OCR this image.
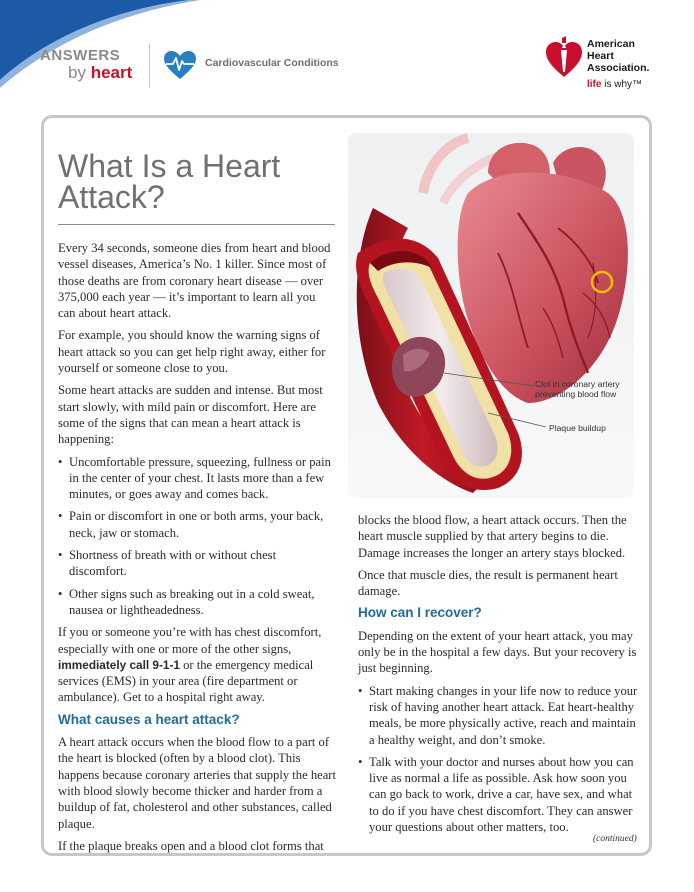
ANSWERS
by heart	Cardiovascular Conditions
American
Heart
Association.
life is why™
What Is a Heart Attack?
Clot in coronary artery preventing blood flow
Plaque buildup

Every 34 seconds, someone dies from heart and blood vessel diseases, America’s No. 1 killer. Since most of those deaths are from coronary heart disease — over 375,000 each year — it’s important to learn all you can about heart attack.

For example, you should know the warning signs of heart attack so you can get help right away, either for yourself or someone close to you.

Some heart attacks are sudden and intense. But most start slowly, with mild pain or discomfort. Here are some of the signs that can mean a heart attack is happening:

• Uncomfortable pressure, squeezing, fullness or pain in the center of your chest. It lasts more than a few minutes, or goes away and comes back.
• Pain or discomfort in one or both arms, your back, neck, jaw or stomach.
• Shortness of breath with or without chest discomfort.
• Other signs such as breaking out in a cold sweat, nausea or lightheadedness.

If you or someone you’re with has chest discomfort, especially with one or more of the other signs, immediately call 9-1-1 or the emergency medical services (EMS) in your area (fire department or ambulance). Get to a hospital right away.

What causes a heart attack?

A heart attack occurs when the blood flow to a part of the heart is blocked (often by a blood clot). This happens because coronary arteries that supply the heart with blood slowly become thicker and harder from a buildup of fat, cholesterol and other substances, called plaque.

If the plaque breaks open and a blood clot forms that

blocks the blood flow, a heart attack occurs. Then the heart muscle supplied by that artery begins to die. Damage increases the longer an artery stays blocked.

Once that muscle dies, the result is permanent heart damage.

How can I recover?

Depending on the extent of your heart attack, you may only be in the hospital a few days. But your recovery is just beginning.

• Start making changes in your life now to reduce your risk of having another heart attack. Eat heart-healthy meals, be more physically active, reach and maintain a healthy weight, and don’t smoke.
• Talk with your doctor and nurses about how you can live as normal a life as possible. Ask how soon you can go back to work, drive a car, have sex, and what to do if you have chest discomfort. They can answer your questions about other matters, too.
(continued)
